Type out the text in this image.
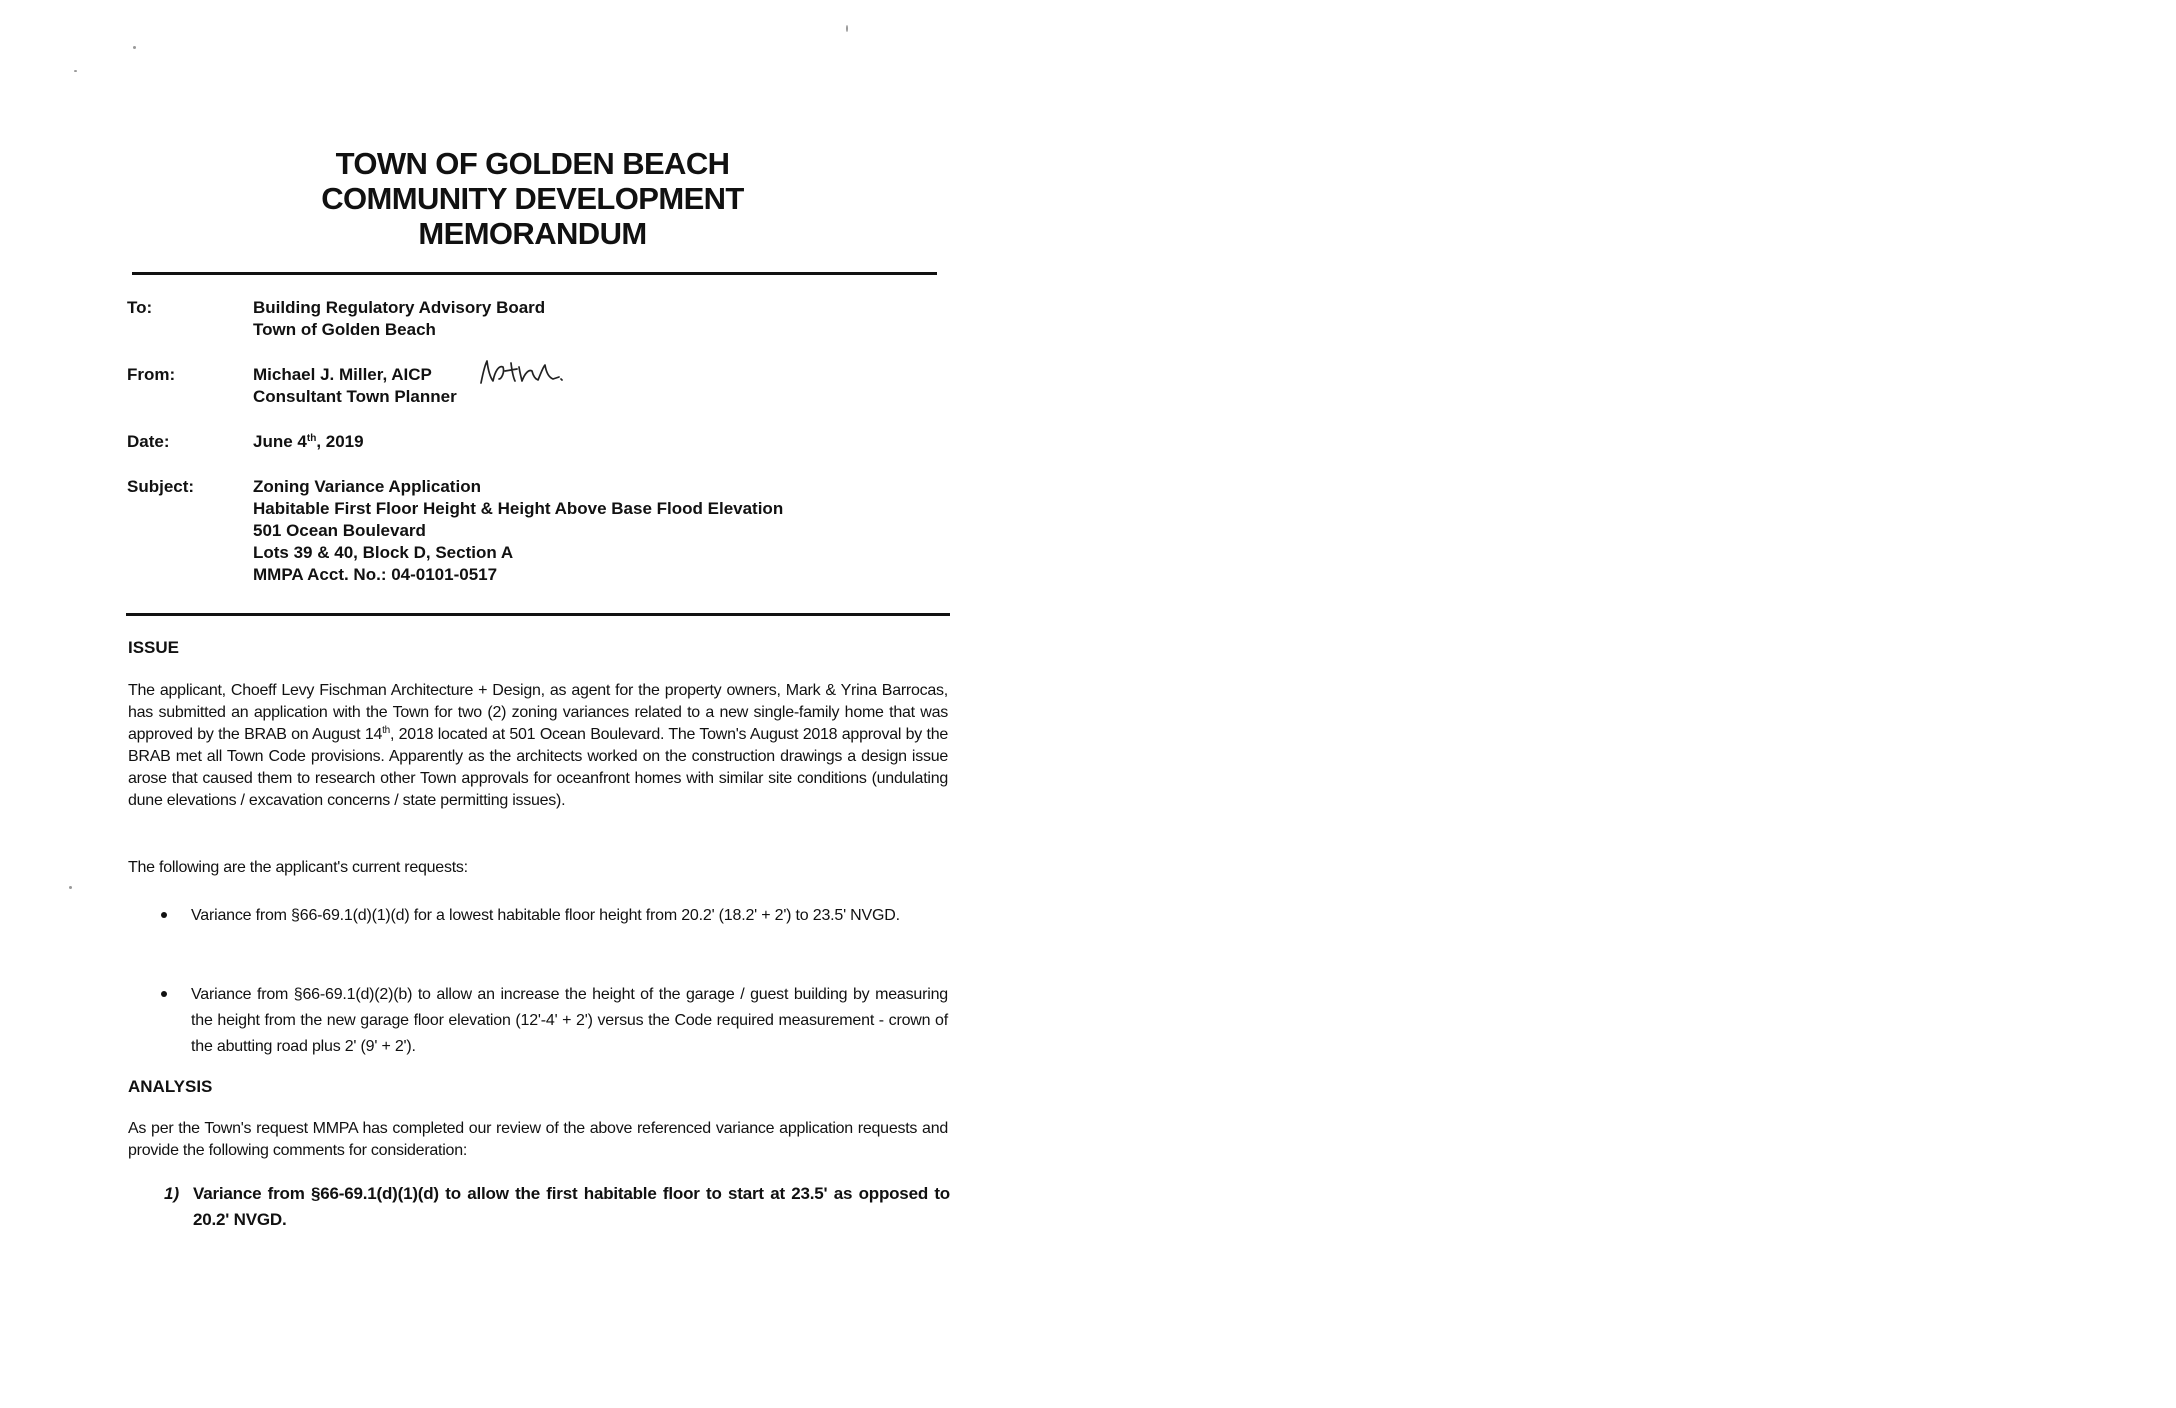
TOWN OF GOLDEN BEACH
COMMUNITY DEVELOPMENT
MEMORANDUM
To:	Building Regulatory Advisory Board
Town of Golden Beach
From:	Michael J. Miller, AICP
Consultant Town Planner
Date:	June 4th, 2019
Subject:	Zoning Variance Application
Habitable First Floor Height & Height Above Base Flood Elevation
501 Ocean Boulevard
Lots 39 & 40, Block D, Section A
MMPA Acct. No.: 04-0101-0517
ISSUE
The applicant, Choeff Levy Fischman Architecture + Design, as agent for the property owners, Mark & Yrina Barrocas, has submitted an application with the Town for two (2) zoning variances related to a new single-family home that was approved by the BRAB on August 14th, 2018 located at 501 Ocean Boulevard. The Town's August 2018 approval by the BRAB met all Town Code provisions. Apparently as the architects worked on the construction drawings a design issue arose that caused them to research other Town approvals for oceanfront homes with similar site conditions (undulating dune elevations / excavation concerns / state permitting issues).
The following are the applicant's current requests:
Variance from §66-69.1(d)(1)(d) for a lowest habitable floor height from 20.2' (18.2' + 2') to 23.5' NVGD.
Variance from §66-69.1(d)(2)(b) to allow an increase the height of the garage / guest building by measuring the height from the new garage floor elevation (12'-4' + 2') versus the Code required measurement - crown of the abutting road plus 2' (9' + 2').
ANALYSIS
As per the Town's request MMPA has completed our review of the above referenced variance application requests and provide the following comments for consideration:
1) Variance from §66-69.1(d)(1)(d) to allow the first habitable floor to start at 23.5' as opposed to 20.2' NVGD.
